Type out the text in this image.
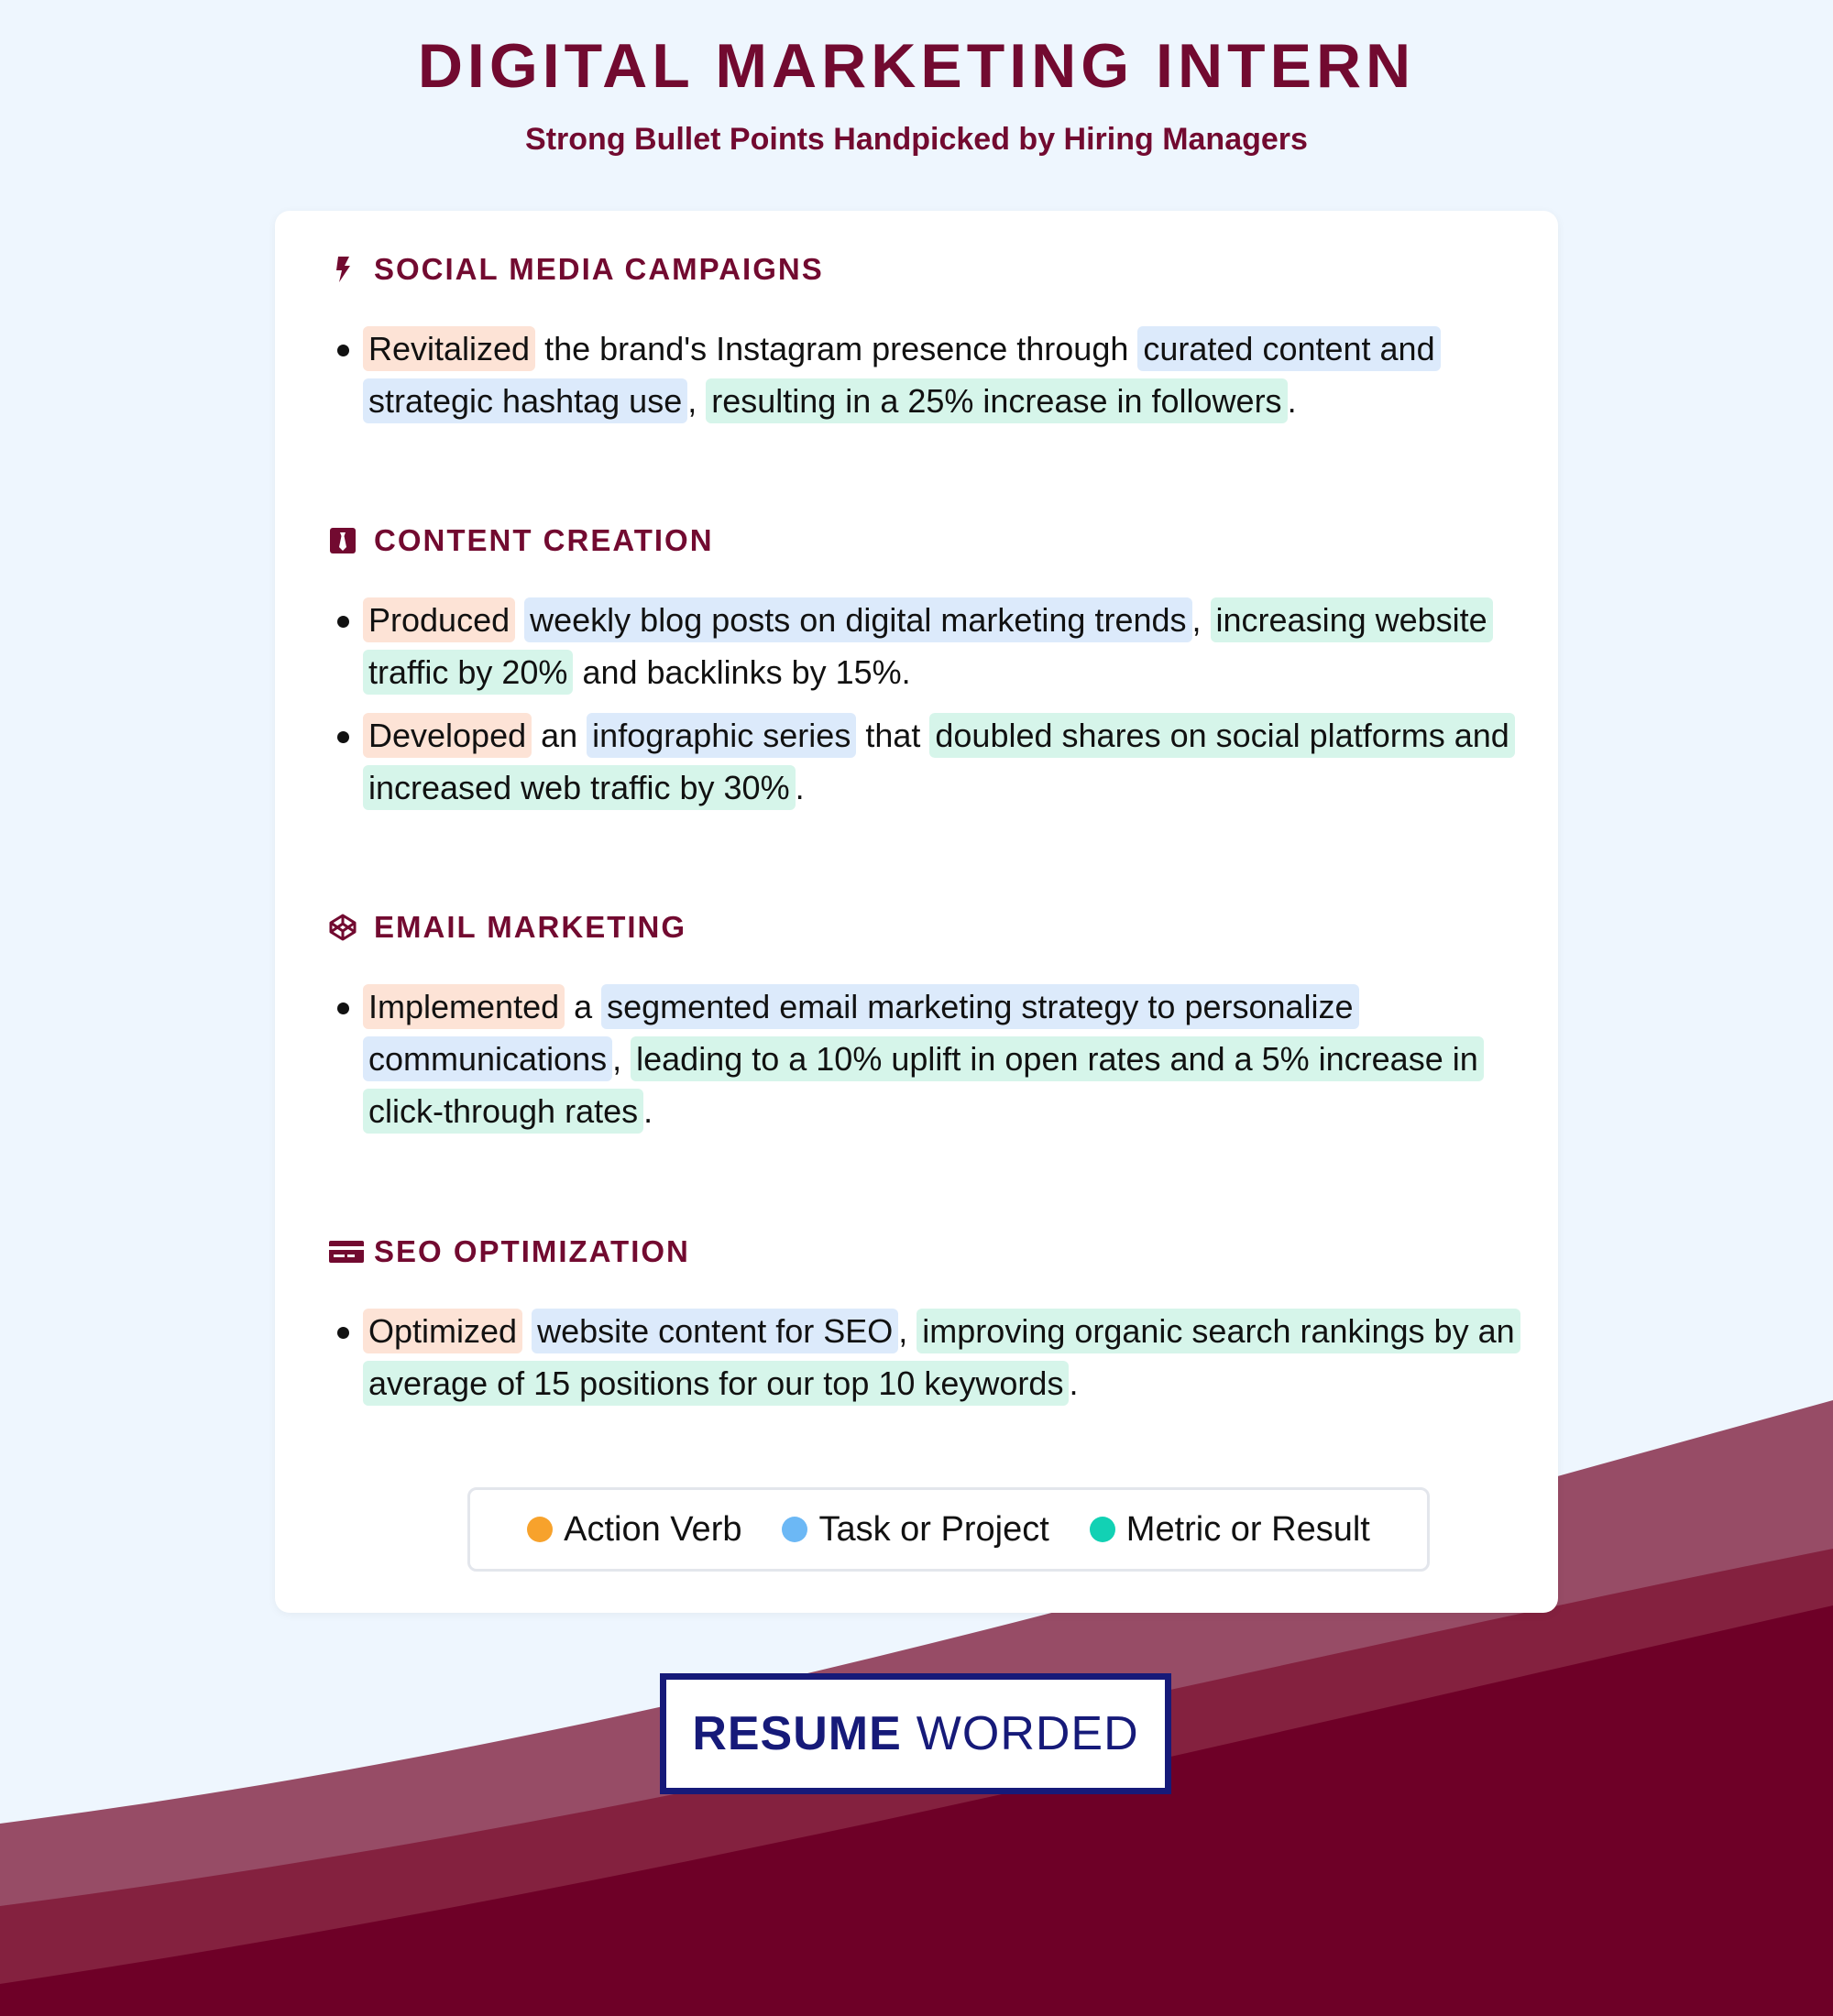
DIGITAL MARKETING INTERN
Strong Bullet Points Handpicked by Hiring Managers
SOCIAL MEDIA CAMPAIGNS
Revitalized the brand's Instagram presence through curated content and strategic hashtag use , resulting in a 25% increase in followers .
CONTENT CREATION
Produced weekly blog posts on digital marketing trends , increasing website traffic by 20% and backlinks by 15%.
Developed an infographic series that doubled shares on social platforms and increased web traffic by 30% .
EMAIL MARKETING
Implemented a segmented email marketing strategy to personalize communications , leading to a 10% uplift in open rates and a 5% increase in click-through rates .
SEO OPTIMIZATION
Optimized website content for SEO , improving organic search rankings by an average of 15 positions for our top 10 keywords .
Action Verb Task or Project Metric or Result
RESUME WORDED
